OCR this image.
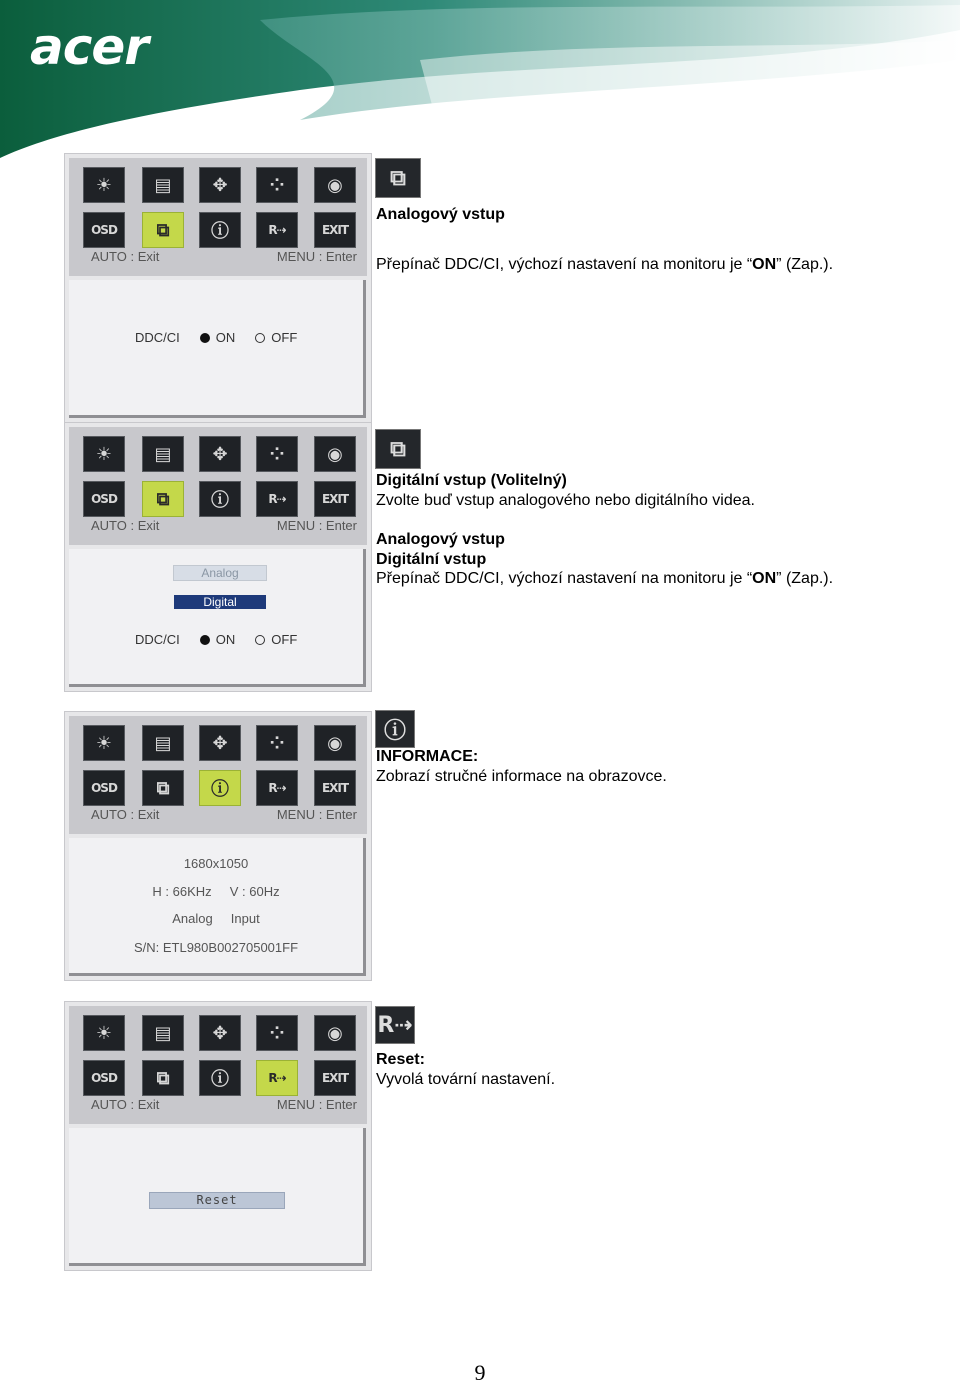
acer
☀	▤	✥	⁘	◉
OSD	⧉	ⓘ	R⇢	EXIT
AUTO : Exit	MENU : Enter
DDC/CI	ON	OFF
⧉
Analogový vstup
Přepínač DDC/CI, výchozí nastavení na monitoru je “ON” (Zap.).
☀	▤	✥	⁘	◉
OSD	⧉	ⓘ	R⇢	EXIT
AUTO : Exit	MENU : Enter
Analog
Digital
DDC/CI	ON	OFF
⧉
Digitální vstup (Volitelný)
Zvolte buď vstup analogového nebo digitálního videa.
Analogový vstup
Digitální vstup
Přepínač DDC/CI, výchozí nastavení na monitoru je “ON” (Zap.).
☀	▤	✥	⁘	◉
OSD	⧉	ⓘ	R⇢	EXIT
AUTO : Exit	MENU : Enter
1680x1050
H : 66KHz     V : 60Hz
Analog     Input
S/N: ETL980B002705001FF
ⓘ
INFORMACE:
Zobrazí stručné informace na obrazovce.
☀	▤	✥	⁘	◉
OSD	⧉	ⓘ	R⇢	EXIT
AUTO : Exit	MENU : Enter
Reset
R⇢
Reset:
Vyvolá tovární nastavení.
9
